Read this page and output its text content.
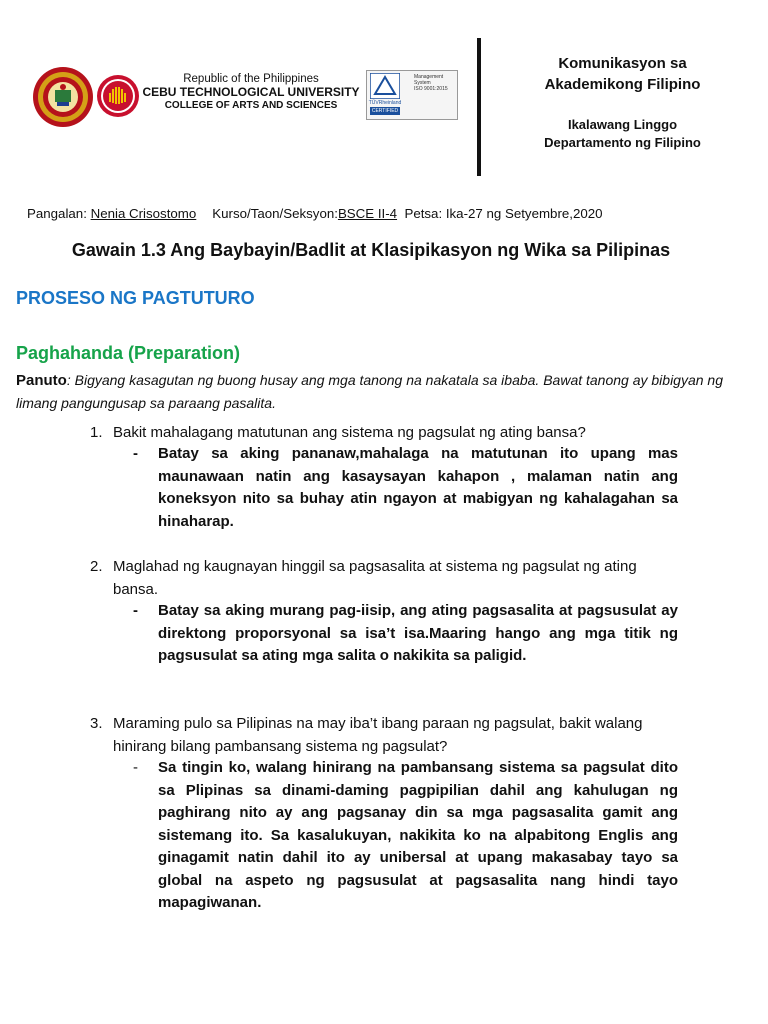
Republic of the Philippines
CEBU TECHNOLOGICAL UNIVERSITY
COLLEGE OF ARTS AND SCIENCES	TÜVRheinland
CERTIFIED
Management
System
ISO 9001:2015
Komunikasyon sa
Akademikong Filipino
Ikalawang Linggo
Departamento ng Filipino
Pangalan: Nenia Crisostomo Kurso/Taon/Seksyon:BSCE II-4 Petsa: Ika-27 ng Setyembre,2020
Gawain 1.3 Ang Baybayin/Badlit at Klasipikasyon ng Wika sa Pilipinas
PROSESO NG PAGTUTURO
Paghahanda (Preparation)
Panuto: Bigyang kasagutan ng buong husay ang mga tanong na nakatala sa ibaba. Bawat tanong ay bibigyan ng limang pangungusap sa paraang pasalita.
1. Bakit mahalagang matutunan ang sistema ng pagsulat ng ating bansa?
- Batay sa aking pananaw,mahalaga na matutunan ito upang mas maunawaan natin ang kasaysayan kahapon , malaman natin ang koneksyon nito sa buhay atin ngayon at mabigyan ng kahalagahan sa hinaharap.
2. Maglahad ng kaugnayan hinggil sa pagsasalita at sistema ng pagsulat ng ating bansa.
- Batay sa aking murang pag-iisip, ang ating pagsasalita at pagsusulat ay direktong proporsyonal sa isa’t isa.Maaring hango ang mga titik ng pagsusulat sa ating mga salita o nakikita sa paligid.
3. Maraming pulo sa Pilipinas na may iba’t ibang paraan ng pagsulat, bakit walang hinirang bilang pambansang sistema ng pagsulat?
- Sa tingin ko, walang hinirang na pambansang sistema sa pagsulat dito sa Plipinas sa dinami-daming pagpipilian dahil ang kahulugan ng paghirang nito ay ang pagsanay din sa mga pagsasalita gamit ang sistemang ito. Sa kasalukuyan, nakikita ko na alpabitong Englis ang ginagamit natin dahil ito ay unibersal at upang makasabay tayo sa global na aspeto ng pagsusulat at pagsasalita nang hindi tayo mapagiwanan.
